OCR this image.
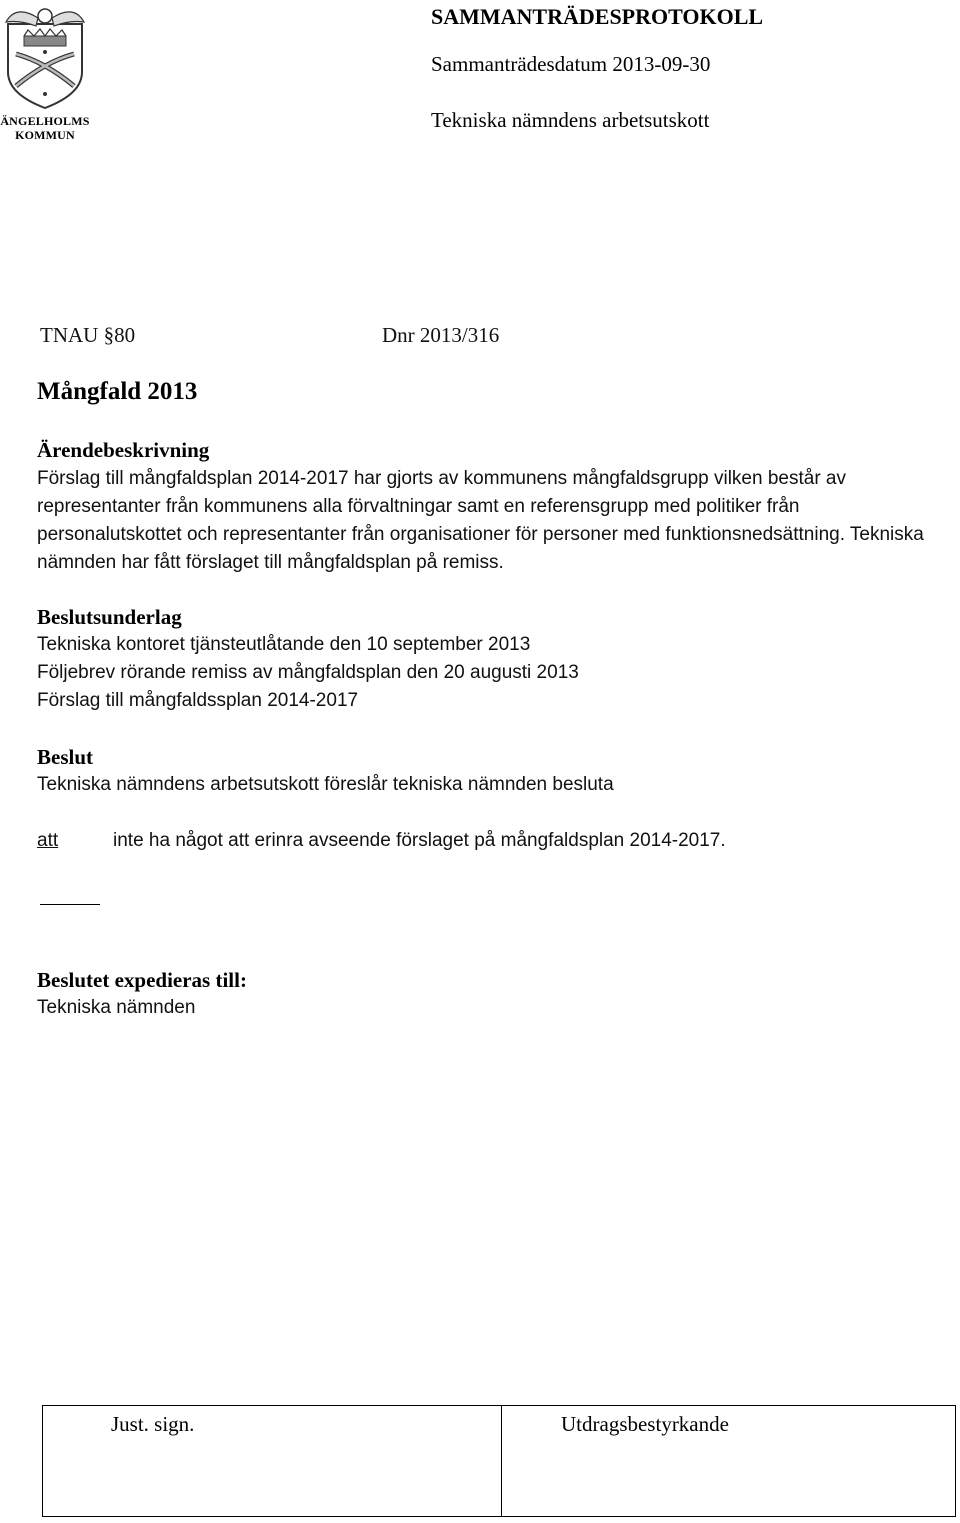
ÄNGELHOLMS
KOMMUN
SAMMANTRÄDESPROTOKOLL
Sammanträdesdatum 2013-09-30
Tekniska nämndens arbetsutskott
TNAU §80	Dnr 2013/316
Mångfald 2013
Ärendebeskrivning
Förslag till mångfaldsplan 2014-2017 har gjorts av kommunens mångfaldsgrupp vilken består av representanter från kommunens alla förvaltningar samt en referensgrupp med politiker från personalutskottet och representanter från organisationer för personer med funktionsnedsättning. Tekniska nämnden har fått förslaget till mångfaldsplan på remiss.
Beslutsunderlag
Tekniska kontoret tjänsteutlåtande den 10 september 2013
Följebrev rörande remiss av mångfaldsplan den 20 augusti 2013
Förslag till mångfaldssplan 2014-2017
Beslut
Tekniska nämndens arbetsutskott föreslår tekniska nämnden besluta
att	inte ha något att erinra avseende förslaget på mångfaldsplan 2014-2017.
Beslutet expedieras till:
Tekniska nämnden
Just. sign.	Utdragsbestyrkande
